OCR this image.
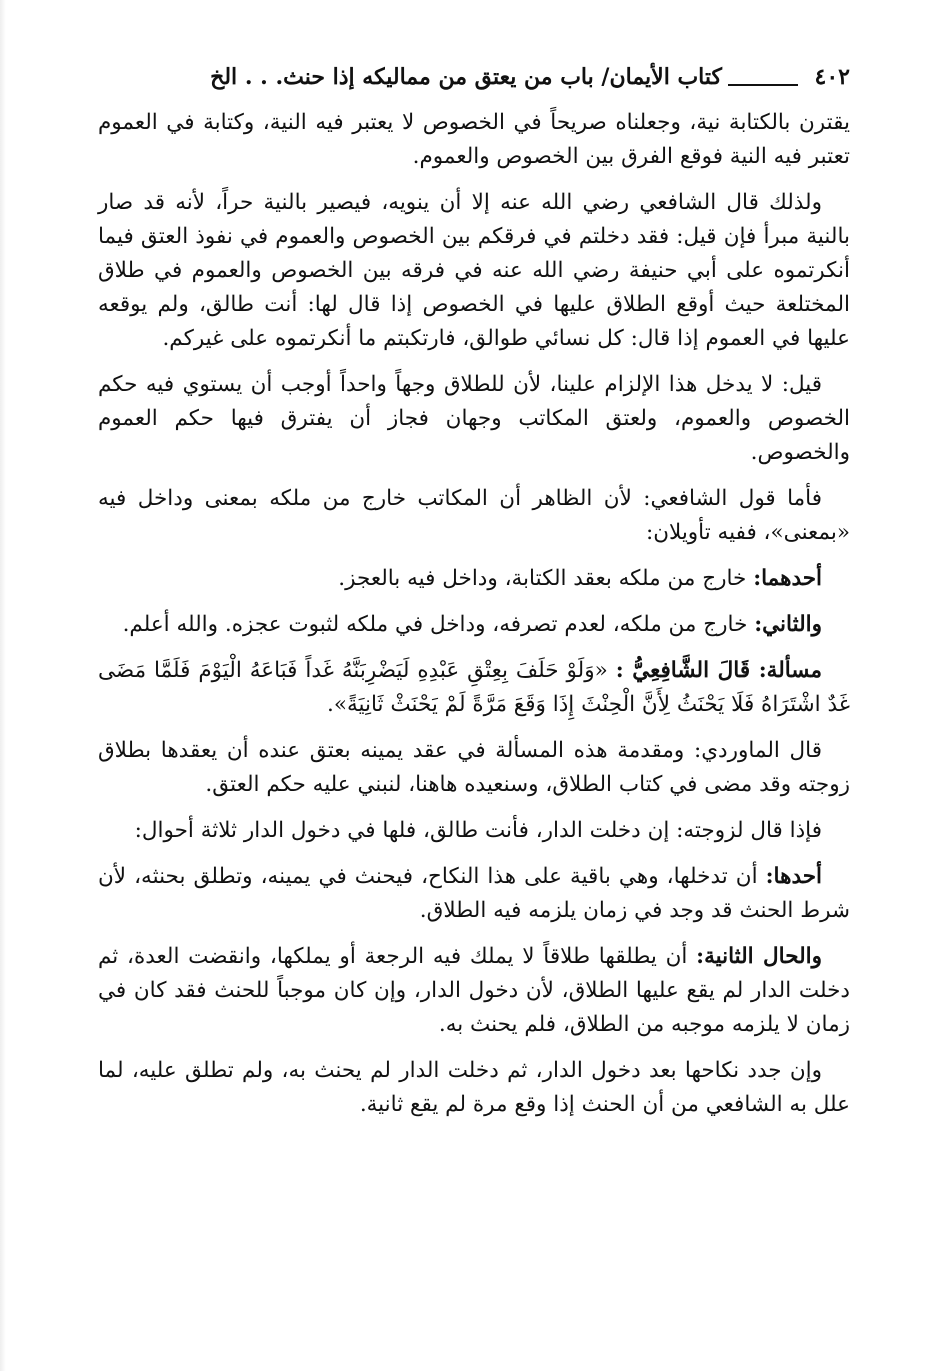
٤٠٢
كتاب الأيمان/ باب من يعتق من مماليكه إذا حنث. . . الخ

يقترن بالكتابة نية، وجعلناه صريحاً في الخصوص لا يعتبر فيه النية، وكتابة في العموم تعتبر فيه النية فوقع الفرق بين الخصوص والعموم.

ولذلك قال الشافعي رضي الله عنه إلا أن ينويه، فيصير بالنية حراً، لأنه قد صار بالنية مبرأ فإن قيل: فقد دخلتم في فرقكم بين الخصوص والعموم في نفوذ العتق فيما أنكرتموه على أبي حنيفة رضي الله عنه في فرقه بين الخصوص والعموم في طلاق المختلعة حيث أوقع الطلاق عليها في الخصوص إذا قال لها: أنت طالق، ولم يوقعه عليها في العموم إذا قال: كل نسائي طوالق، فارتكبتم ما أنكرتموه على غيركم.

قيل: لا يدخل هذا الإلزام علينا، لأن للطلاق وجهاً واحداً أوجب أن يستوي فيه حكم الخصوص والعموم، ولعتق المكاتب وجهان فجاز أن يفترق فيها حكم العموم والخصوص.

فأما قول الشافعي: لأن الظاهر أن المكاتب خارج من ملكه بمعنى وداخل فيه «بمعنى»، ففيه تأويلان:

أحدهما: خارج من ملكه بعقد الكتابة، وداخل فيه بالعجز.

والثاني: خارج من ملكه، لعدم تصرفه، وداخل في ملكه لثبوت عجزه. والله أعلم.

مسألة: قَالَ الشَّافِعِيُّ : «وَلَوْ حَلَفَ بِعِتْقِ عَبْدِهِ لَيَضْرِبَنَّهُ غَداً فَبَاعَهُ الْيَوْمَ فَلَمَّا مَضَى غَدٌ اشْتَرَاهُ فَلَا يَحْنَثُ لِأَنَّ الْحِنْثَ إِذَا وَقَعَ مَرَّةً لَمْ يَحْنَثْ ثَانِيَةً».

قال الماوردي: ومقدمة هذه المسألة في عقد يمينه بعتق عنده أن يعقدها بطلاق زوجته وقد مضى في كتاب الطلاق، وسنعيده هاهنا، لنبني عليه حكم العتق.

فإذا قال لزوجته: إن دخلت الدار، فأنت طالق، فلها في دخول الدار ثلاثة أحوال:

أحدها: أن تدخلها، وهي باقية على هذا النكاح، فيحنث في يمينه، وتطلق بحنثه، لأن شرط الحنث قد وجد في زمان يلزمه فيه الطلاق.

والحال الثانية: أن يطلقها طلاقاً لا يملك فيه الرجعة أو يملكها، وانقضت العدة، ثم دخلت الدار لم يقع عليها الطلاق، لأن دخول الدار، وإن كان موجباً للحنث فقد كان في زمان لا يلزمه موجبه من الطلاق، فلم يحنث به.

وإن جدد نكاحها بعد دخول الدار، ثم دخلت الدار لم يحنث به، ولم تطلق عليه، لما علل به الشافعي من أن الحنث إذا وقع مرة لم يقع ثانية.
